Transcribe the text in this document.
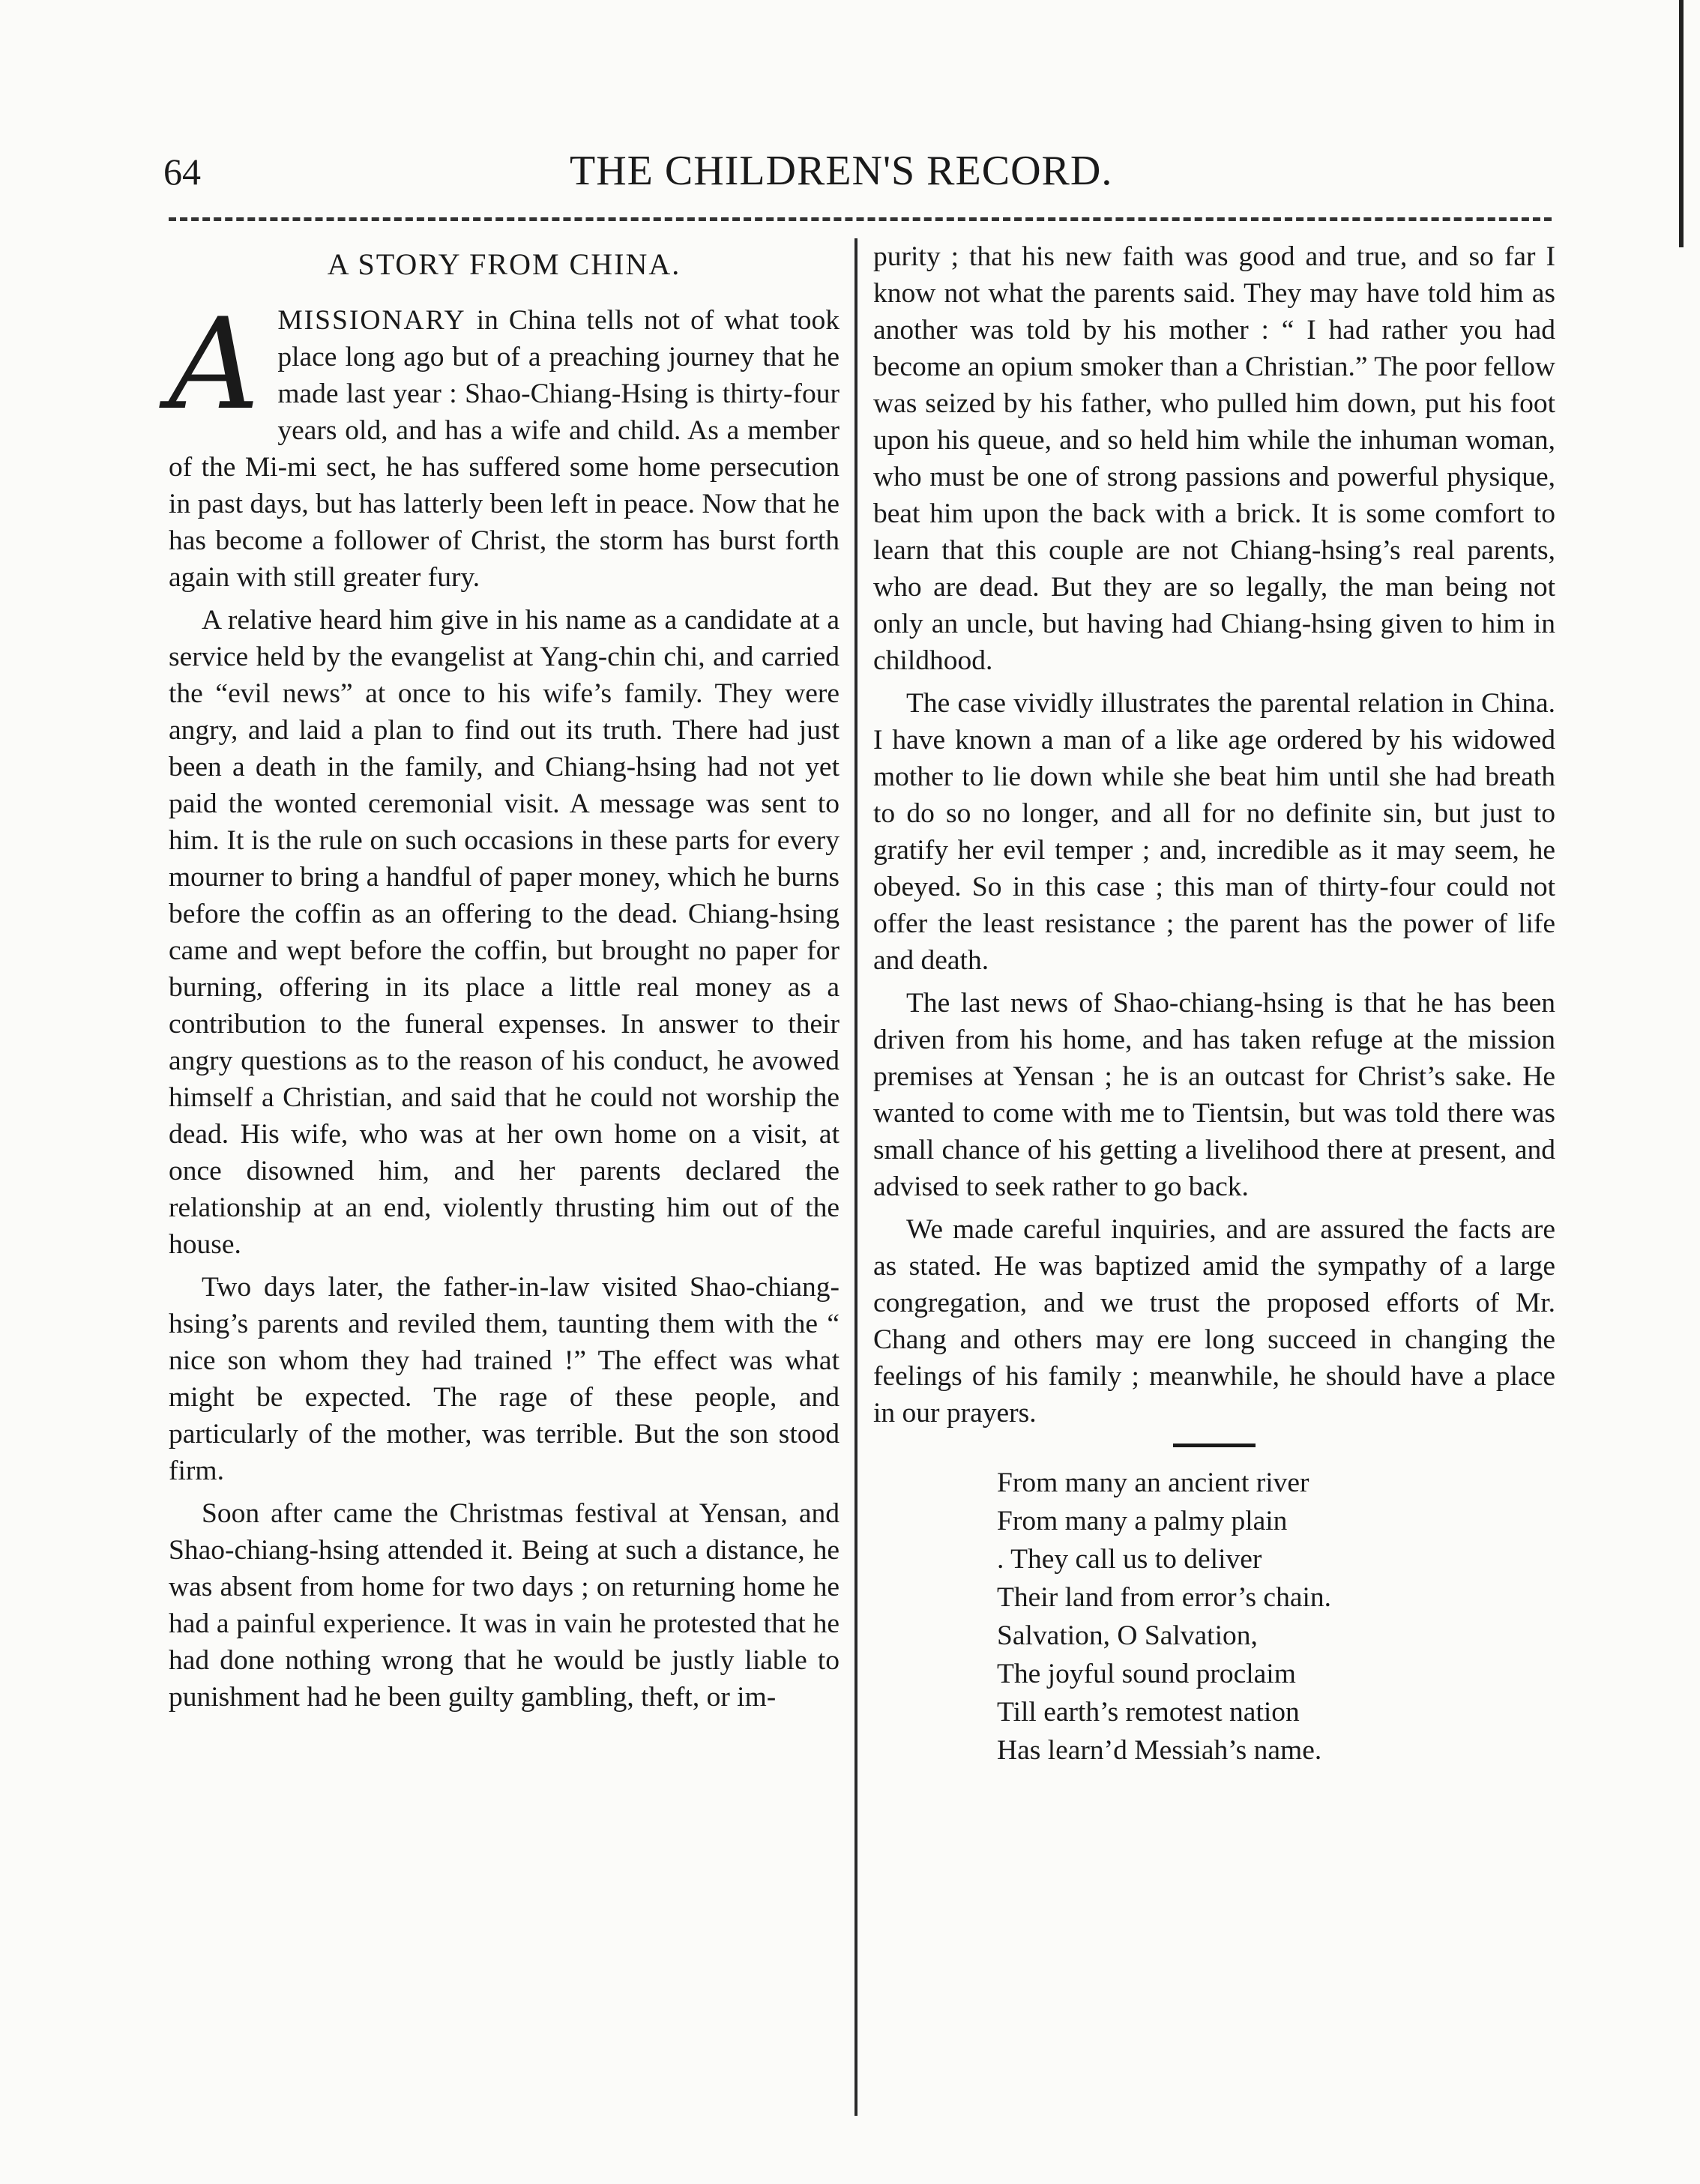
64	THE CHILDREN'S RECORD.
A STORY FROM CHINA.

AMISSIONARY in China tells not of what took place long ago but of a preaching journey that he made last year : Shao-Chiang-Hsing is thirty-four years old, and has a wife and child. As a member of the Mi-mi sect, he has suffered some home persecution in past days, but has latterly been left in peace. Now that he has become a follower of Christ, the storm has burst forth again with still greater fury.

A relative heard him give in his name as a candidate at a service held by the evangelist at Yang-chin chi, and carried the “evil news” at once to his wife’s family. They were angry, and laid a plan to find out its truth. There had just been a death in the family, and Chiang-hsing had not yet paid the wonted ceremonial visit. A message was sent to him. It is the rule on such occasions in these parts for every mourner to bring a handful of paper money, which he burns before the coffin as an offering to the dead. Chiang-hsing came and wept before the coffin, but brought no paper for burning, offering in its place a little real money as a contribution to the funeral expenses. In answer to their angry questions as to the reason of his conduct, he avowed himself a Christian, and said that he could not worship the dead. His wife, who was at her own home on a visit, at once disowned him, and her parents declared the relationship at an end, violently thrusting him out of the house.

Two days later, the father-in-law visited Shao-chiang-hsing’s parents and reviled them, taunting them with the “ nice son whom they had trained !” The effect was what might be expected. The rage of these people, and particularly of the mother, was terrible. But the son stood firm.

Soon after came the Christmas festival at Yensan, and Shao-chiang-hsing attended it. Being at such a distance, he was absent from home for two days ; on returning home he had a painful experience. It was in vain he protested that he had done nothing wrong that he would be justly liable to punishment had he been guilty gambling, theft, or im-

purity ; that his new faith was good and true, and so far I know not what the parents said. They may have told him as another was told by his mother : “ I had rather you had become an opium smoker than a Christian.” The poor fellow was seized by his father, who pulled him down, put his foot upon his queue, and so held him while the inhuman woman, who must be one of strong passions and powerful physique, beat him upon the back with a brick. It is some comfort to learn that this couple are not Chiang-hsing’s real parents, who are dead. But they are so legally, the man being not only an uncle, but having had Chiang-hsing given to him in childhood.

The case vividly illustrates the parental relation in China. I have known a man of a like age ordered by his widowed mother to lie down while she beat him until she had breath to do so no longer, and all for no definite sin, but just to gratify her evil temper ; and, incredible as it may seem, he obeyed. So in this case ; this man of thirty-four could not offer the least resistance ; the parent has the power of life and death.

The last news of Shao-chiang-hsing is that he has been driven from his home, and has taken refuge at the mission premises at Yensan ; he is an outcast for Christ’s sake. He wanted to come with me to Tientsin, but was told there was small chance of his getting a livelihood there at present, and advised to seek rather to go back.

We made careful inquiries, and are assured the facts are as stated. He was baptized amid the sympathy of a large congregation, and we trust the proposed efforts of Mr. Chang and others may ere long succeed in changing the feelings of his family ; meanwhile, he should have a place in our prayers.

From many an ancient river
From many a palmy plain
. They call us to deliver
Their land from error’s chain.
Salvation, O Salvation,
The joyful sound proclaim
Till earth’s remotest nation
Has learn’d Messiah’s name.
